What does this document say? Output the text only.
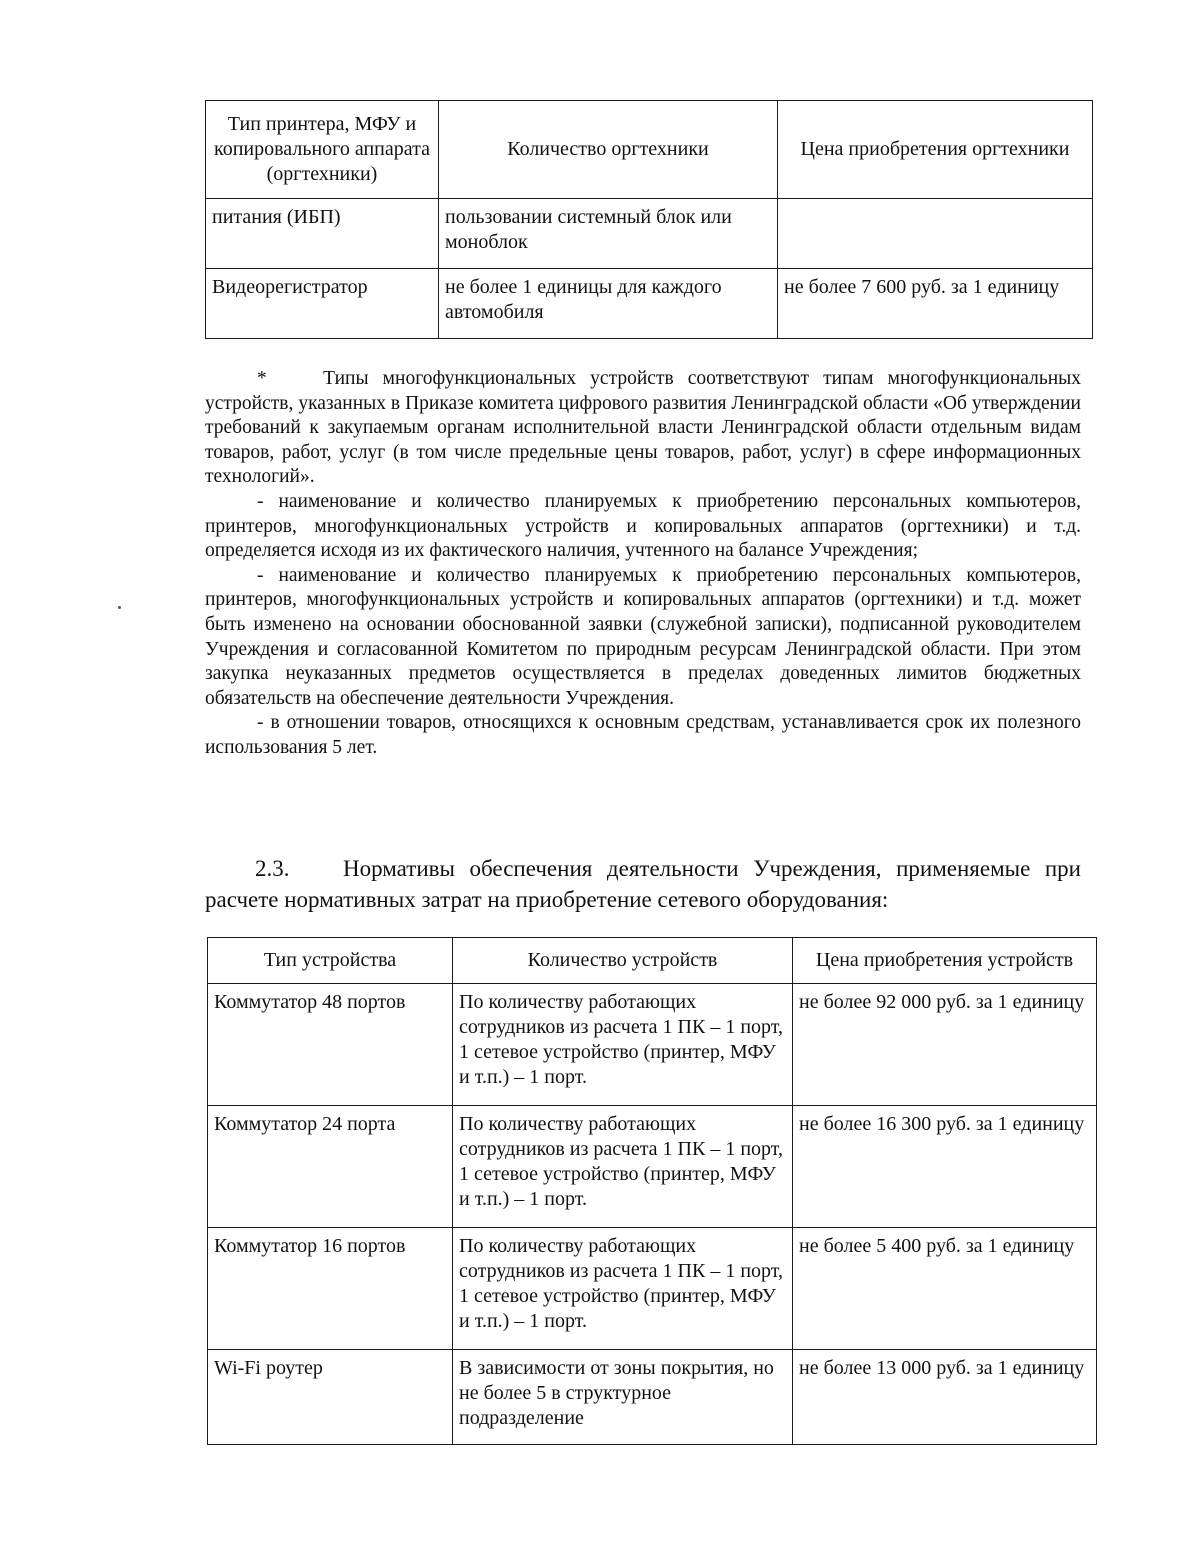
Тип принтера, МФУ и копировального аппарата (оргтехники)	Количество оргтехники	Цена приобретения оргтехники
питания (ИБП)	пользовании системный блок или моноблок	
Видеорегистратор	не более 1 единицы для каждого автомобиля	не более 7 600 руб. за 1 единицу

*    Типы многофункциональных устройств соответствуют типам многофункциональных устройств, указанных в Приказе комитета цифрового развития Ленинградской области «Об утверждении требований к закупаемым органам исполнительной власти Ленинградской области отдельным видам товаров, работ, услуг (в том числе предельные цены товаров, работ, услуг) в сфере информационных технологий».

- наименование и количество планируемых к приобретению персональных компьютеров, принтеров, многофункциональных устройств и копировальных аппаратов (оргтехники) и т.д. определяется исходя из их фактического наличия, учтенного на балансе Учреждения;

- наименование и количество планируемых к приобретению персональных компьютеров, принтеров, многофункциональных устройств и копировальных аппаратов (оргтехники) и т.д. может быть изменено на основании обоснованной заявки (служебной записки), подписанной руководителем Учреждения и согласованной Комитетом по природным ресурсам Ленинградской области. При этом закупка неуказанных предметов осуществляется в пределах доведенных лимитов бюджетных обязательств на обеспечение деятельности Учреждения.

- в отношении товаров, относящихся к основным средствам, устанавливается срок их полезного использования 5 лет.

2.3. Нормативы обеспечения деятельности Учреждения, применяемые при расчете нормативных затрат на приобретение сетевого оборудования:

Тип устройства	Количество устройств	Цена приобретения устройств
Коммутатор 48 портов	По количеству работающих сотрудников из расчета 1 ПК – 1 порт, 1 сетевое устройство (принтер, МФУ и т.п.) – 1 порт.	не более 92 000 руб. за 1 единицу
Коммутатор 24 порта	По количеству работающих сотрудников из расчета 1 ПК – 1 порт, 1 сетевое устройство (принтер, МФУ и т.п.) – 1 порт.	не более 16 300 руб. за 1 единицу
Коммутатор 16 портов	По количеству работающих сотрудников из расчета 1 ПК – 1 порт, 1 сетевое устройство (принтер, МФУ и т.п.) – 1 порт.	не более 5 400 руб. за 1 единицу
Wi-Fi роутер	В зависимости от зоны покрытия, но не более 5 в структурное подразделение	не более 13 000 руб. за 1 единицу
